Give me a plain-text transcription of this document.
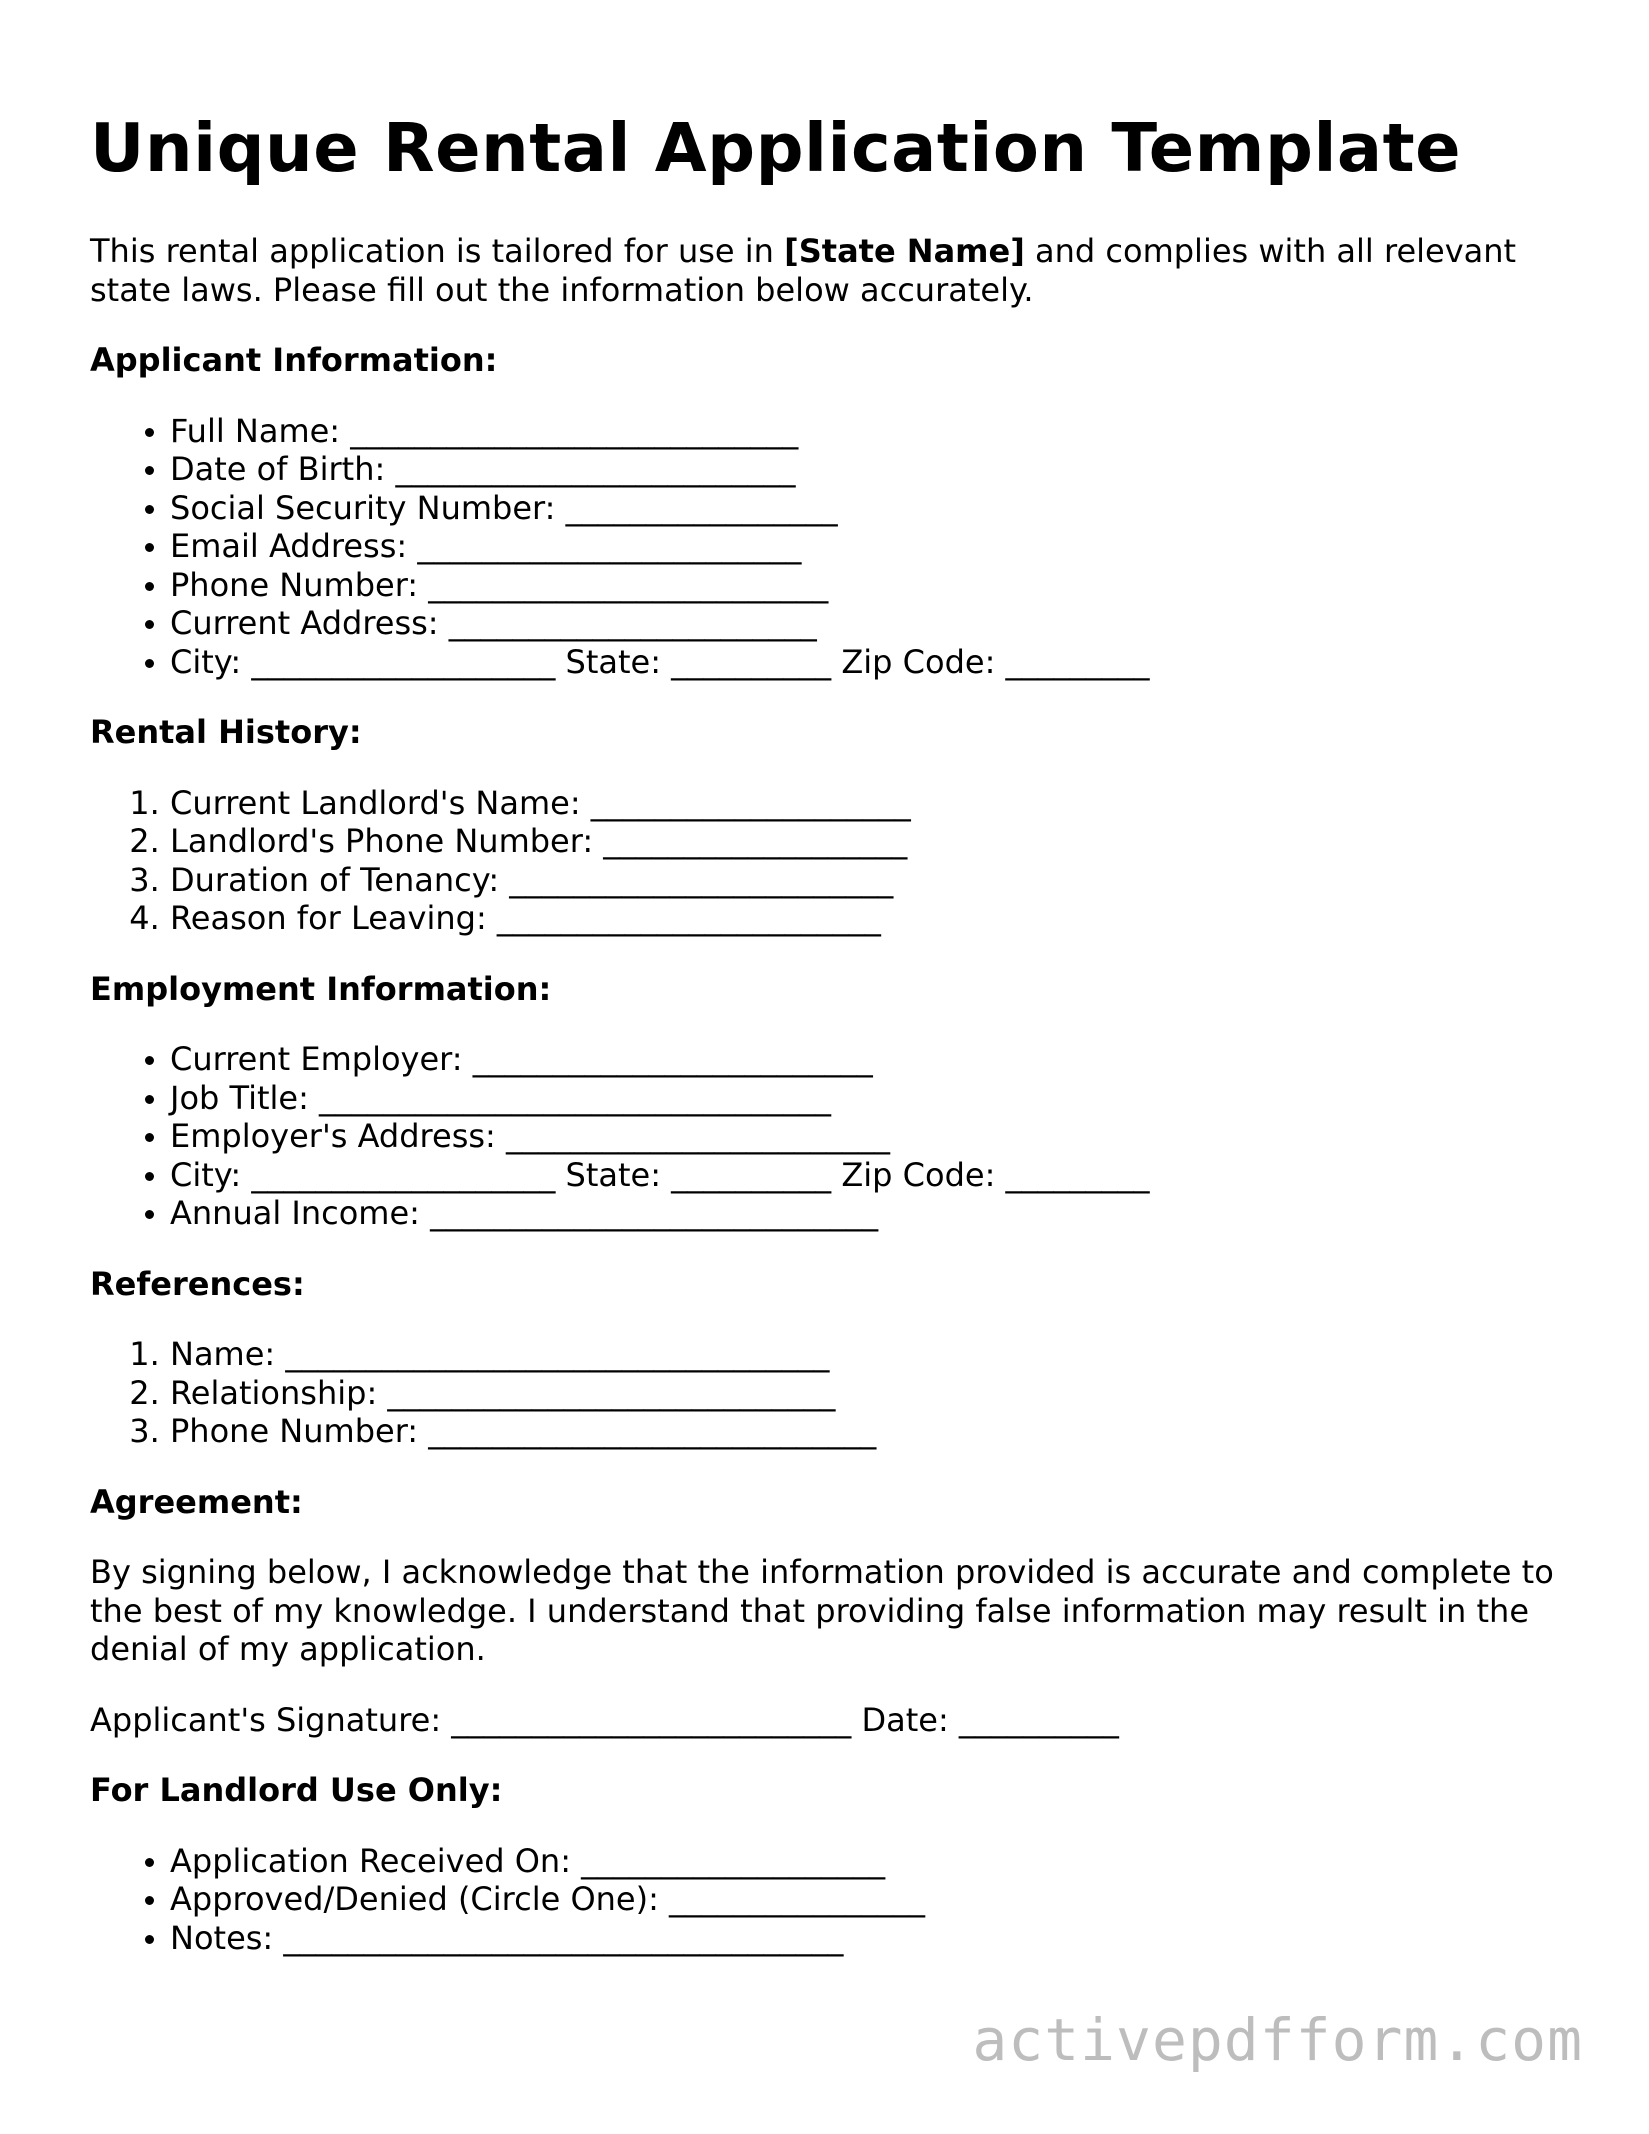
Unique Rental Application Template

This rental application is tailored for use in [State Name] and complies with all relevant state laws. Please fill out the information below accurately.

Applicant Information:

• Full Name: ____________________________
• Date of Birth: _________________________
• Social Security Number: _________________
• Email Address: ________________________
• Phone Number: _________________________
• Current Address: _______________________
• City: ___________________ State: __________ Zip Code: _________

Rental History:

1. Current Landlord's Name: ____________________
2. Landlord's Phone Number: ___________________
3. Duration of Tenancy: ________________________
4. Reason for Leaving: ________________________

Employment Information:

• Current Employer: _________________________
• Job Title: ________________________________
• Employer's Address: ________________________
• City: ___________________ State: __________ Zip Code: _________
• Annual Income: ____________________________

References:

1. Name: __________________________________
2. Relationship: ____________________________
3. Phone Number: ____________________________

Agreement:

By signing below, I acknowledge that the information provided is accurate and complete to the best of my knowledge. I understand that providing false information may result in the denial of my application.

Applicant's Signature: _________________________ Date: __________

For Landlord Use Only:

• Application Received On: ___________________
• Approved/Denied (Circle One): ________________
• Notes: ___________________________________
activepdfform.com
